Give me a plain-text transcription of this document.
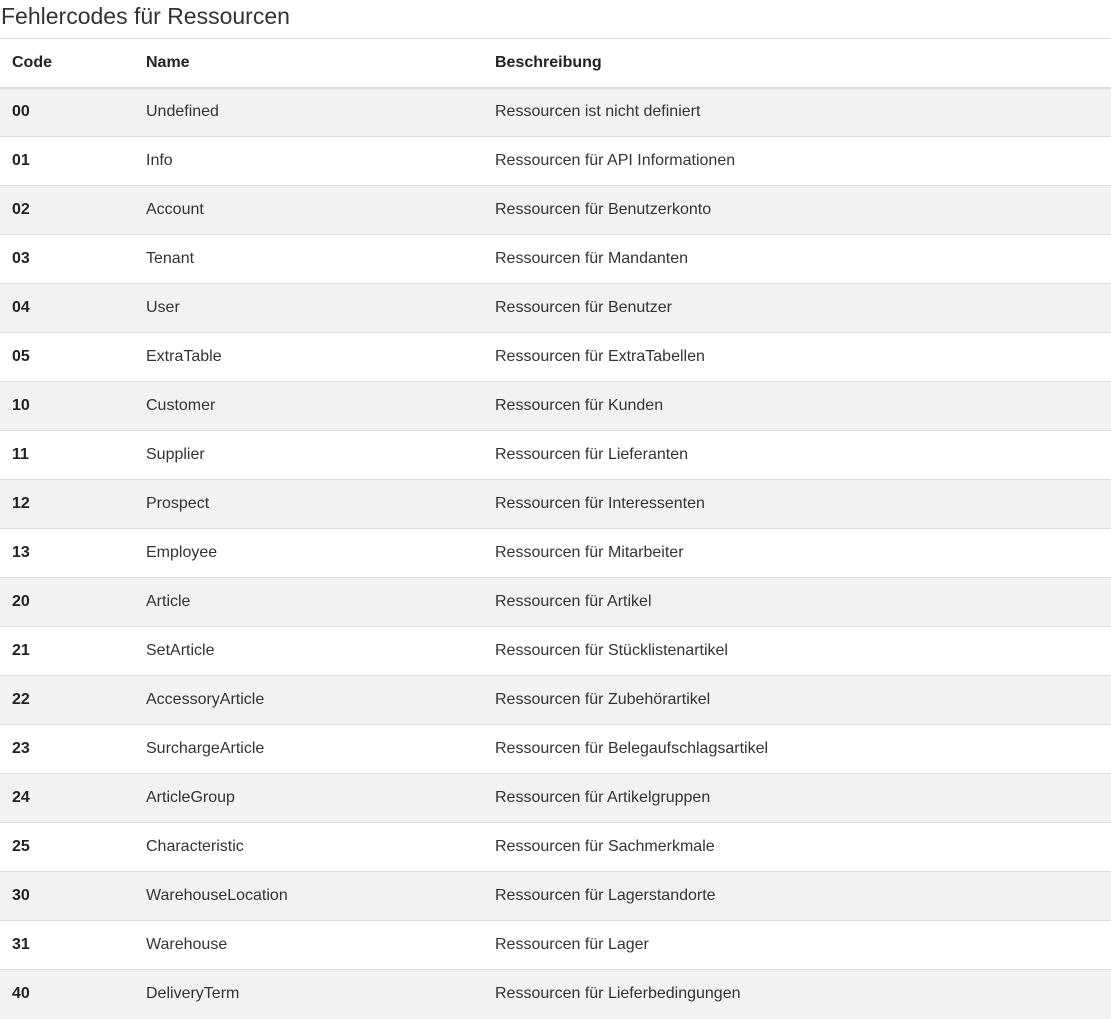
Fehlercodes für Ressourcen
Code	Name	Beschreibung
00	Undefined	Ressourcen ist nicht definiert
01	Info	Ressourcen für API Informationen
02	Account	Ressourcen für Benutzerkonto
03	Tenant	Ressourcen für Mandanten
04	User	Ressourcen für Benutzer
05	ExtraTable	Ressourcen für ExtraTabellen
10	Customer	Ressourcen für Kunden
11	Supplier	Ressourcen für Lieferanten
12	Prospect	Ressourcen für Interessenten
13	Employee	Ressourcen für Mitarbeiter
20	Article	Ressourcen für Artikel
21	SetArticle	Ressourcen für Stücklistenartikel
22	AccessoryArticle	Ressourcen für Zubehörartikel
23	SurchargeArticle	Ressourcen für Belegaufschlagsartikel
24	ArticleGroup	Ressourcen für Artikelgruppen
25	Characteristic	Ressourcen für Sachmerkmale
30	WarehouseLocation	Ressourcen für Lagerstandorte
31	Warehouse	Ressourcen für Lager
40	DeliveryTerm	Ressourcen für Lieferbedingungen
